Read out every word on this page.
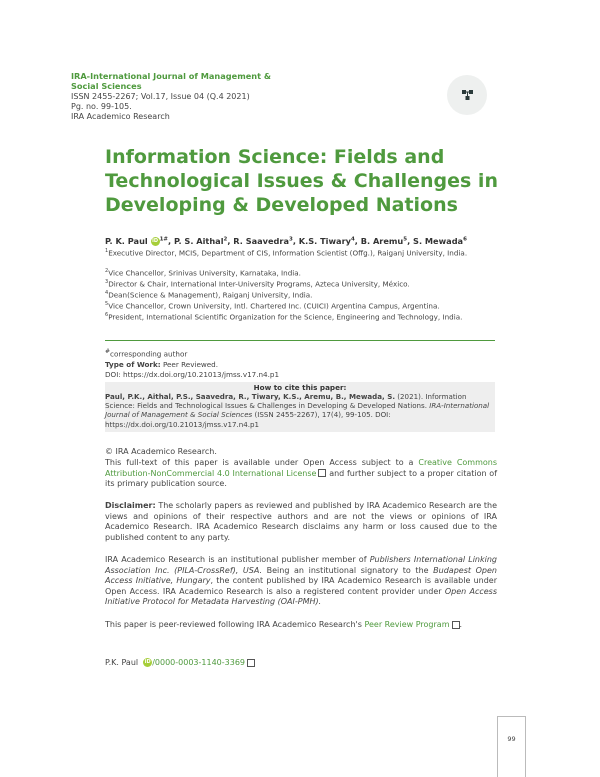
IRA-International Journal of Management &
Social Sciences
ISSN 2455-2267; Vol.17, Issue 04 (Q.4 2021)
Pg. no. 99-105.
IRA Academico Research
Information Science: Fields and Technological Issues & Challenges in Developing & Developed Nations
P. K. Paul iD $^{1\#}$, P. S. Aithal$^2$, R. Saavedra$^3$, K.S. Tiwary$^4$, B. Aremu$^5$, S. Mewada$^6$
$^1$Executive Director, MCIS, Department of CIS, Information Scientist (Offg.), Raiganj University, India.
$^2$Vice Chancellor, Srinivas University, Karnataka, India.
$^3$Director & Chair, International Inter-University Programs, Azteca University, México.
$^4$Dean(Science & Management), Raiganj University, India.
$^5$Vice Chancellor, Crown University, Intl. Chartered Inc. (CUICI) Argentina Campus, Argentina.
$^6$President, International Scientific Organization for the Science, Engineering and Technology, India.
#corresponding author
Type of Work: Peer Reviewed.
DOI: https://dx.doi.org/10.21013/jmss.v17.n4.p1
How to cite this paper:
Paul, P.K., Aithal, P.S., Saavedra, R., Tiwary, K.S., Aremu, B., Mewada, S. (2021). Information Science: Fields and Technological Issues & Challenges in Developing & Developed Nations. IRA-International Journal of Management & Social Sciences (ISSN 2455-2267), 17(4), 99-105. DOI: https://dx.doi.org/10.21013/jmss.v17.n4.p1
© IRA Academico Research.
This full-text of this paper is available under Open Access subject to a Creative Commons Attribution-NonCommercial 4.0 International License and further subject to a proper citation of its primary publication source.
Disclaimer: The scholarly papers as reviewed and published by IRA Academico Research are the views and opinions of their respective authors and are not the views or opinions of IRA Academico Research. IRA Academico Research disclaims any harm or loss caused due to the published content to any party.
IRA Academico Research is an institutional publisher member of Publishers International Linking Association Inc. (PILA-CrossRef), USA. Being an institutional signatory to the Budapest Open Access Initiative, Hungary, the content published by IRA Academico Research is available under Open Access. IRA Academico Research is also a registered content provider under Open Access Initiative Protocol for Metadata Harvesting (OAI-PMH).
This paper is peer-reviewed following IRA Academico Research's Peer Review Program .
P.K. Paul iD /0000-0003-1140-3369
99
